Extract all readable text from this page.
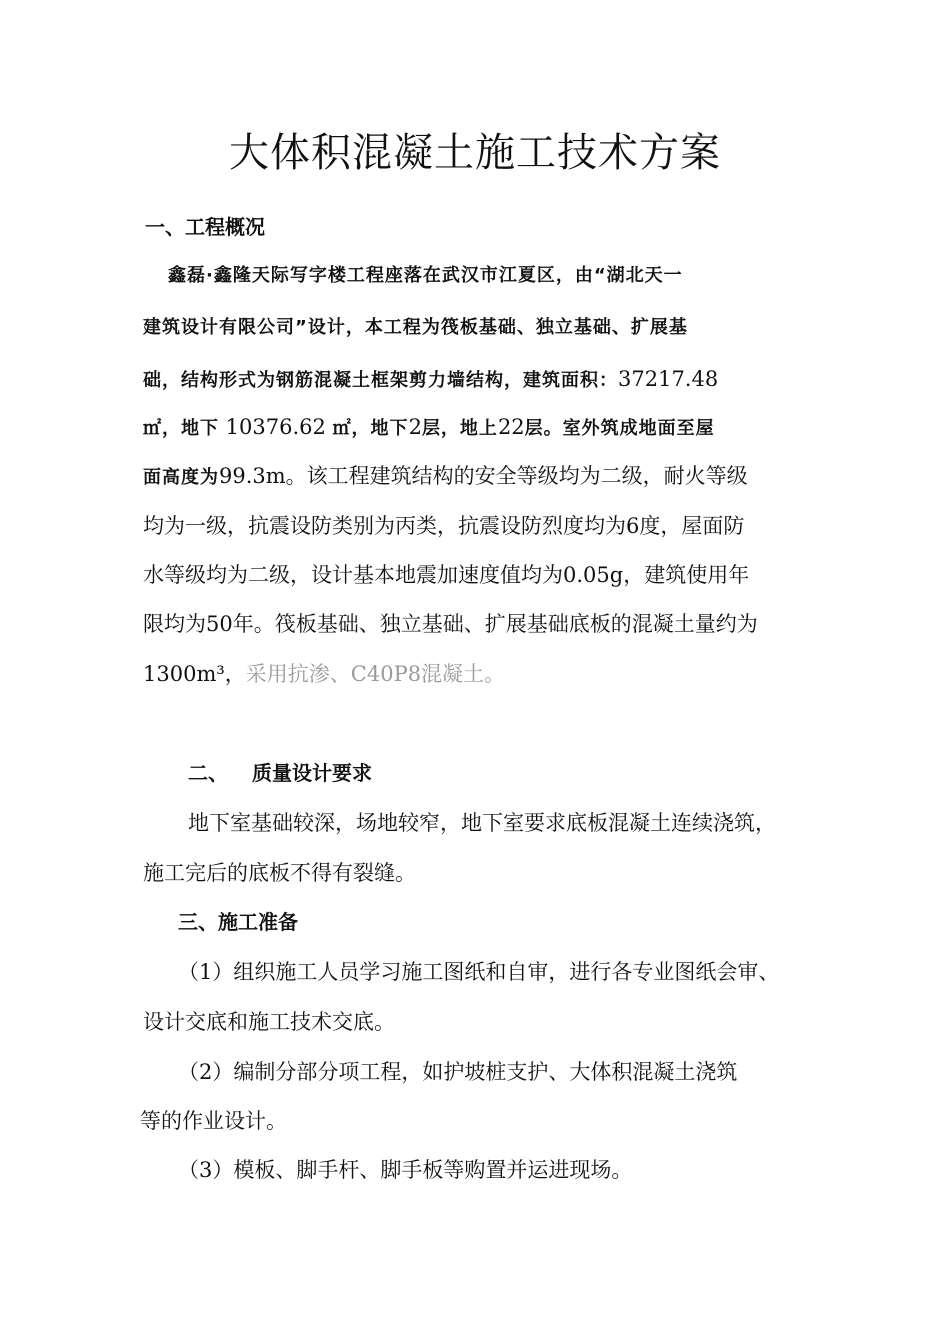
大体积混凝土施工技术方案
一、工程概况
鑫磊·鑫隆天际写字楼工程座落在武汉市江夏区，由“湖北天一
建筑设计有限公司”设计，本工程为筏板基础、独立基础、扩展基
础，结构形式为钢筋混凝土框架剪力墙结构，建筑面积：37217.48
㎡，地下 10376.62 ㎡，地下2层，地上22层。室外筑成地面至屋
面高度为99.3m。该工程建筑结构的安全等级均为二级，耐火等级
均为一级，抗震设防类别为丙类，抗震设防烈度均为6度，屋面防
水等级均为二级，设计基本地震加速度值均为0.05g，建筑使用年
限均为50年。筏板基础、独立基础、扩展基础底板的混凝土量约为
1300m³，采用抗渗、C40P8混凝土。
二、 质量设计要求
地下室基础较深，场地较窄，地下室要求底板混凝土连续浇筑，
施工完后的底板不得有裂缝。
三、施工准备
（1）组织施工人员学习施工图纸和自审，进行各专业图纸会审、
设计交底和施工技术交底。
（2）编制分部分项工程，如护坡桩支护、大体积混凝土浇筑
等的作业设计。
（3）模板、脚手杆、脚手板等购置并运进现场。
